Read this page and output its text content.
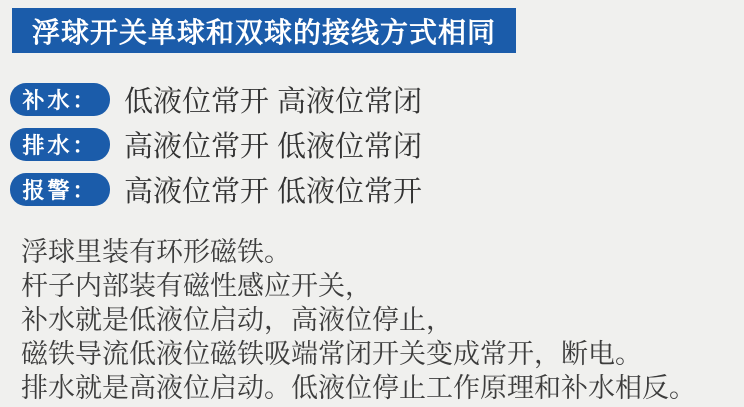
浮球开关单球和双球的接线方式相同
补水： 低液位常开 高液位常闭
排水： 高液位常开 低液位常闭
报警： 高液位常开 低液位常开
浮球里装有环形磁铁。
杆子内部装有磁性感应开关，
补水就是低液位启动，高液位停止，
磁铁导流低液位磁铁吸端常闭开关变成常开，断电。
排水就是高液位启动。低液位停止工作原理和补水相反。
